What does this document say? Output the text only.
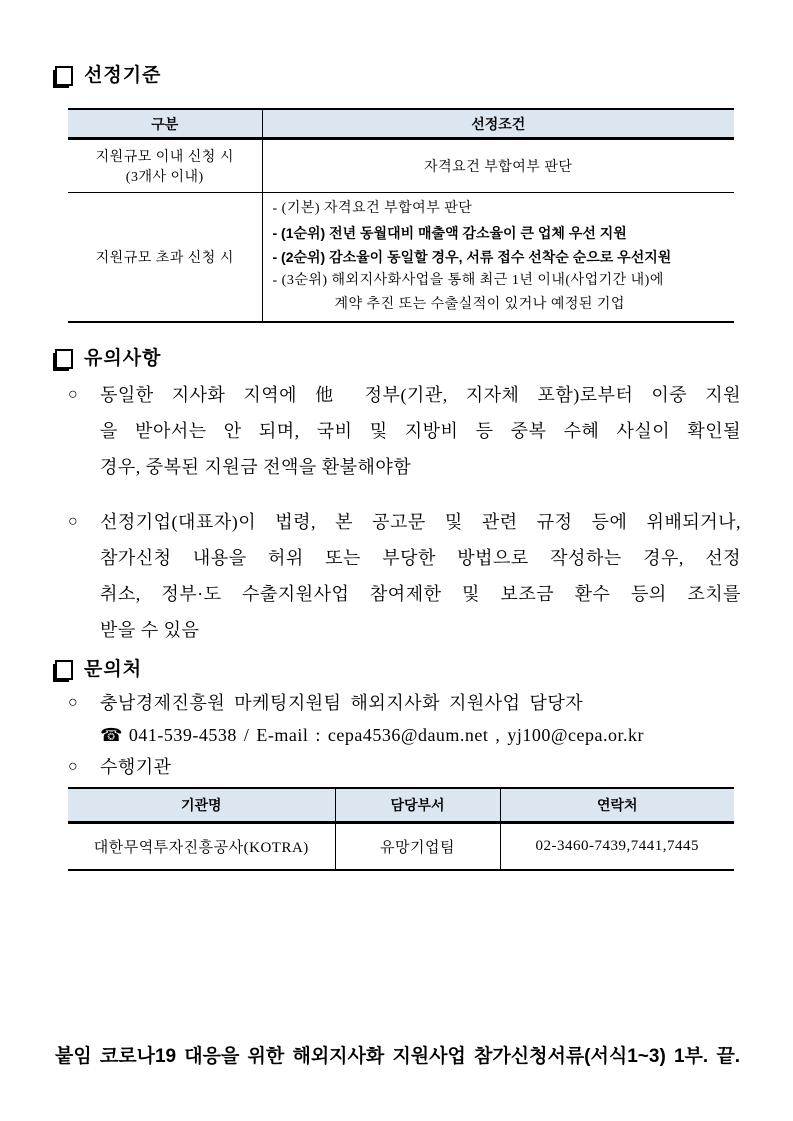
선정기준
구분	선정조건

지원규모 이내 신청 시
(3개사 이내)	자격요건 부합여부 판단
지원규모 초과 신청 시	- (기본) 자격요건 부합여부 판단
- (1순위) 전년 동월대비 매출액 감소율이 큰 업체 우선 지원
- (2순위) 감소율이 동일할 경우, 서류 접수 선착순 순으로 우선지원
- (3순위) 해외지사화사업을 통해 최근 1년 이내(사업기간 내)에
계약 추진 또는 수출실적이 있거나 예정된 기업
유의사항
○	동일한 지사화 지역에 他 정부(기관, 지자체 포함)로부터 이중 지원
을 받아서는 안 되며, 국비 및 지방비 등 중복 수혜 사실이 확인될
경우, 중복된 지원금 전액을 환불해야함
○	선정기업(대표자)이 법령, 본 공고문 및 관련 규정 등에 위배되거나,
참가신청 내용을 허위 또는 부당한 방법으로 작성하는 경우, 선정
취소, 정부·도 수출지원사업 참여제한 및 보조금 환수 등의 조치를
받을 수 있음
문의처
○	충남경제진흥원 마케팅지원팀 해외지사화 지원사업 담당자
☎ 041-539-4538 / E-mail : cepa4536@daum.net , yj100@cepa.or.kr
○	수행기관
기관명	담당부서	연락처
대한무역투자진흥공사(KOTRA)	유망기업팀	02-3460-7439,7441,7445
붙임 코로나19 대응을 위한 해외지사화 지원사업 참가신청서류(서식1~3) 1부. 끝.
